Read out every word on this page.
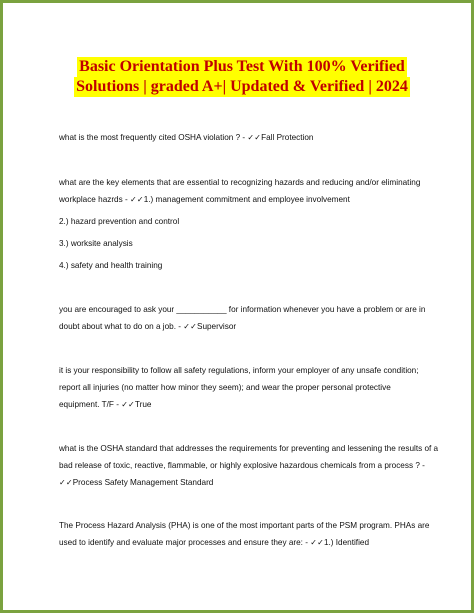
Basic Orientation Plus Test With 100% Verified
Solutions | graded A+| Updated & Verified | 2024
what is the most frequently cited OSHA violation ? - ✓✓Fall Protection
what are the key elements that are essential to recognizing hazards and reducing and/or eliminating
workplace hazrds - ✓✓1.) management commitment and employee involvement
2.) hazard prevention and control
3.) worksite analysis
4.) safety and health training
you are encouraged to ask your ___________ for information whenever you have a problem or are in
doubt about what to do on a job. - ✓✓Supervisor
it is your responsibility to follow all safety regulations, inform your employer of any unsafe condition;
report all injuries (no matter how minor they seem); and wear the proper personal protective
equipment. T/F - ✓✓True
what is the OSHA standard that addresses the requirements for preventing and lessening the results of a
bad release of toxic, reactive, flammable, or highly explosive hazardous chemicals from a process ? -
✓✓Process Safety Management Standard
The Process Hazard Analysis (PHA) is one of the most important parts of the PSM program. PHAs are
used to identify and evaluate major processes and ensure they are: - ✓✓1.) Identified
